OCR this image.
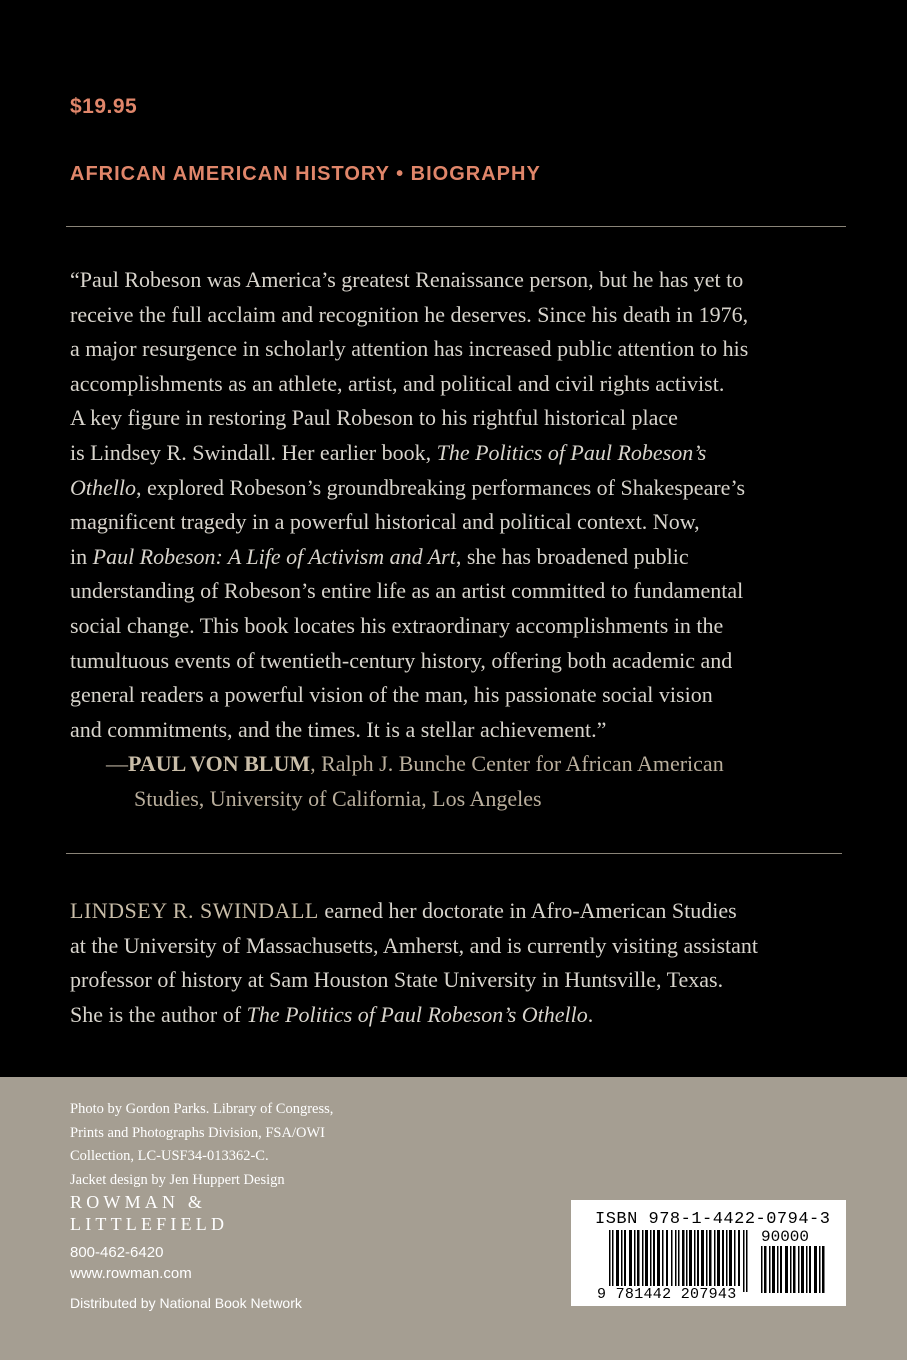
$19.95
AFRICAN AMERICAN HISTORY • BIOGRAPHY
“Paul Robeson was America’s greatest Renaissance person, but he has yet to
receive the full acclaim and recognition he deserves. Since his death in 1976,
a major resurgence in scholarly attention has increased public attention to his
accomplishments as an athlete, artist, and political and civil rights activist.
A key figure in restoring Paul Robeson to his rightful historical place
is Lindsey R. Swindall. Her earlier book, The Politics of Paul Robeson’s
Othello, explored Robeson’s groundbreaking performances of Shakespeare’s
magnificent tragedy in a powerful historical and political context. Now,
in Paul Robeson: A Life of Activism and Art, she has broadened public
understanding of Robeson’s entire life as an artist committed to fundamental
social change. This book locates his extraordinary accomplishments in the
tumultuous events of twentieth-century history, offering both academic and
general readers a powerful vision of the man, his passionate social vision
and commitments, and the times. It is a stellar achievement.”
—PAUL VON BLUM, Ralph J. Bunche Center for African American
Studies, University of California, Los Angeles
LINDSEY R. SWINDALL earned her doctorate in Afro-American Studies
at the University of Massachusetts, Amherst, and is currently visiting assistant
professor of history at Sam Houston State University in Huntsville, Texas.
She is the author of The Politics of Paul Robeson’s Othello.
Photo by Gordon Parks. Library of Congress,
Prints and Photographs Division, FSA/OWI
Collection, LC-USF34-013362-C.
Jacket design by Jen Huppert Design
ROWMAN &
LITTLEFIELD
800-462-6420
www.rowman.com
Distributed by National Book Network
ISBN 978-1-4422-0794-3
90000
9 781442 207943
